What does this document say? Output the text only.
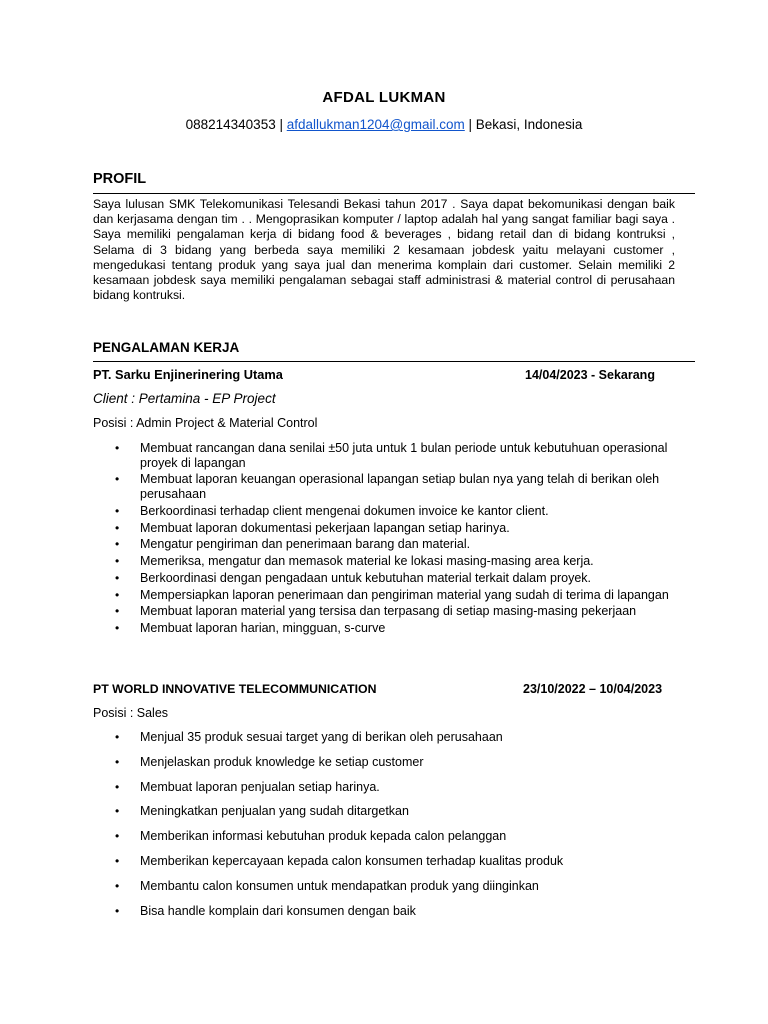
AFDAL LUKMAN
088214340353 | afdallukman1204@gmail.com | Bekasi, Indonesia
PROFIL
Saya lulusan SMK Telekomunikasi Telesandi Bekasi tahun 2017 . Saya dapat bekomunikasi dengan baik dan kerjasama dengan tim . . Mengoprasikan komputer / laptop adalah hal yang sangat familiar bagi saya . Saya memiliki pengalaman kerja di bidang food & beverages , bidang retail dan di bidang kontruksi , Selama di 3 bidang yang berbeda saya memiliki 2 kesamaan jobdesk yaitu melayani customer , mengedukasi tentang produk yang saya jual dan menerima komplain dari customer. Selain memiliki 2 kesamaan jobdesk saya memiliki pengalaman sebagai staff administrasi & material control di perusahaan bidang kontruksi.
PENGALAMAN KERJA
PT. Sarku Enjinerinering Utama	14/04/2023 - Sekarang
Client : Pertamina - EP Project
Posisi : Admin Project & Material Control
• Membuat rancangan dana senilai ±50 juta untuk 1 bulan periode untuk kebutuhuan operasional proyek di lapangan
• Membuat laporan keuangan operasional lapangan setiap bulan nya yang telah di berikan oleh perusahaan
• Berkoordinasi terhadap client mengenai dokumen invoice ke kantor client.
• Membuat laporan dokumentasi pekerjaan lapangan setiap harinya.
• Mengatur pengiriman dan penerimaan barang dan material.
• Memeriksa, mengatur dan memasok material ke lokasi masing-masing area kerja.
• Berkoordinasi dengan pengadaan untuk kebutuhan material terkait dalam proyek.
• Mempersiapkan laporan penerimaan dan pengiriman material yang sudah di terima di lapangan
• Membuat laporan material yang tersisa dan terpasang di setiap masing-masing pekerjaan
• Membuat laporan harian, mingguan, s-curve
PT WORLD INNOVATIVE TELECOMMUNICATION	23/10/2022 – 10/04/2023
Posisi : Sales
• Menjual 35 produk sesuai target yang di berikan oleh perusahaan
• Menjelaskan produk knowledge ke setiap customer
• Membuat laporan penjualan setiap harinya.
• Meningkatkan penjualan yang sudah ditargetkan
• Memberikan informasi kebutuhan produk kepada calon pelanggan
• Memberikan kepercayaan kepada calon konsumen terhadap kualitas produk
• Membantu calon konsumen untuk mendapatkan produk yang diinginkan
• Bisa handle komplain dari konsumen dengan baik
